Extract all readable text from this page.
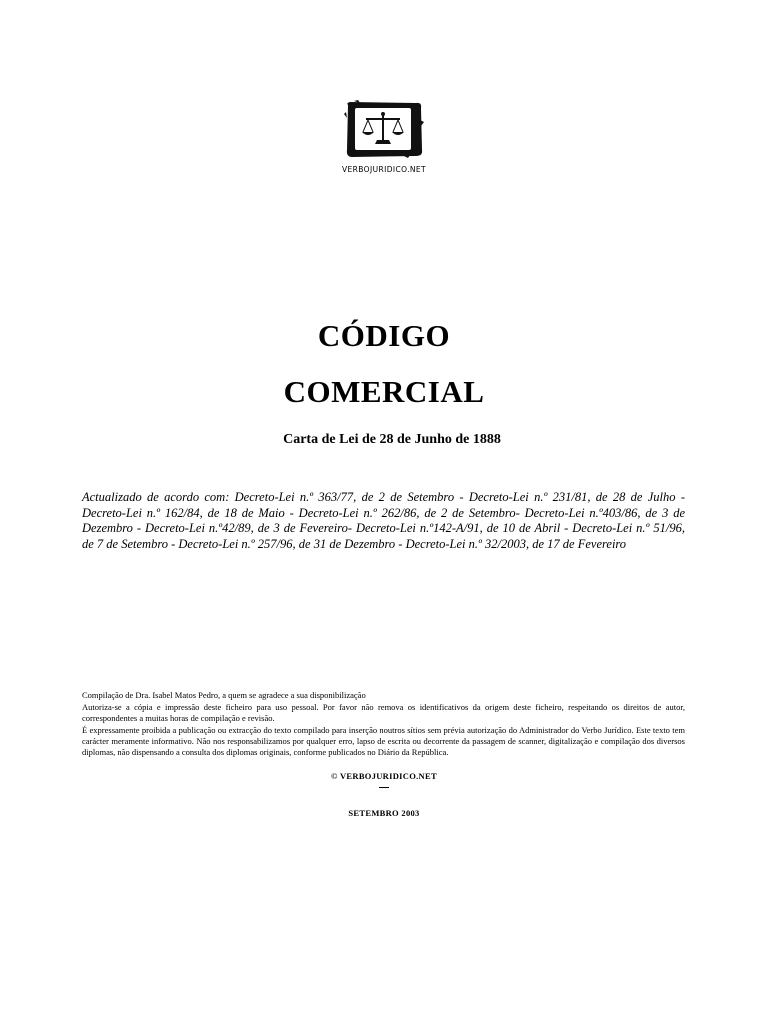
VERBOJURIDICO.NET
CÓDIGO
COMERCIAL
Carta de Lei de 28 de Junho de 1888
Actualizado de acordo com: Decreto-Lei n.º 363/77, de 2 de Setembro - Decreto-Lei n.º 231/81, de 28 de Julho - Decreto-Lei n.º 162/84, de 18 de Maio - Decreto-Lei n.º 262/86, de 2 de Setembro- Decreto-Lei n.º403/86, de 3 de Dezembro - Decreto-Lei n.º42/89, de 3 de Fevereiro- Decreto-Lei n.º142-A/91, de 10 de Abril - Decreto-Lei n.º 51/96, de 7 de Setembro - Decreto-Lei n.º 257/96, de 31 de Dezembro - Decreto-Lei n.º 32/2003, de 17 de Fevereiro

Compilação de Dra. Isabel Matos Pedro, a quem se agradece a sua disponibilização

Autoriza-se a cópia e impressão deste ficheiro para uso pessoal. Por favor não remova os identificativos da origem deste ficheiro, respeitando os direitos de autor, correspondentes a muitas horas de compilação e revisão.

É expressamente proibida a publicação ou extracção do texto compilado para inserção noutros sítios sem prévia autorização do Administrador do Verbo Jurídico. Este texto tem carácter meramente informativo. Não nos responsabilizamos por qualquer erro, lapso de escrita ou decorrente da passagem de scanner, digitalização e compilação dos diversos diplomas, não dispensando a consulta dos diplomas originais, conforme publicados no Diário da República.

© VERBOJURIDICO.NET
SETEMBRO 2003
